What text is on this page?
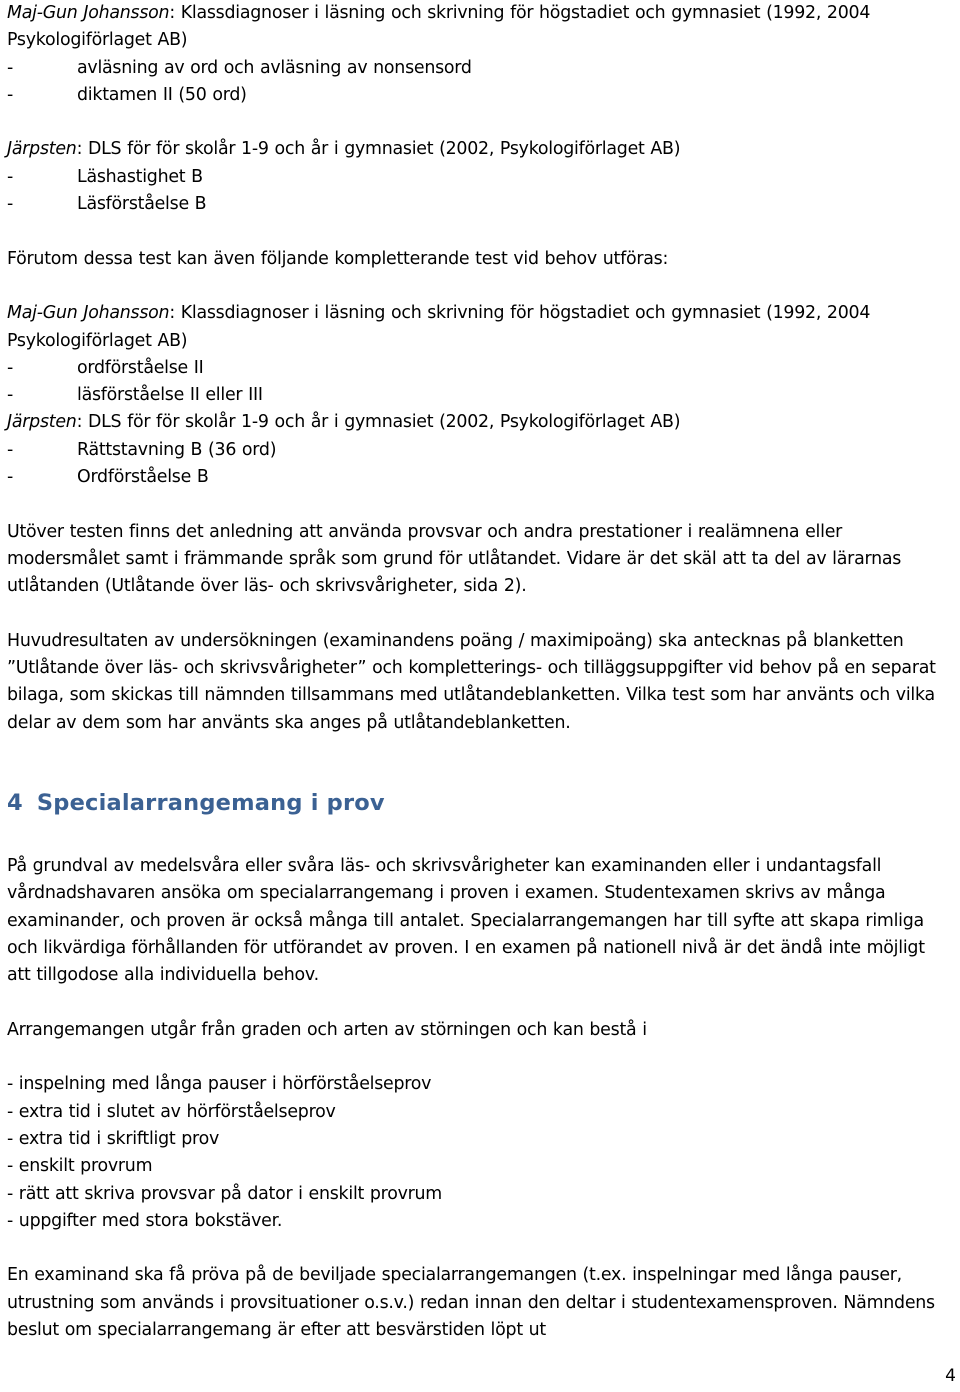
Maj-Gun Johansson: Klassdiagnoser i läsning och skrivning för högstadiet och gymnasiet (1992, 2004 Psykologiförlaget AB)

-	avläsning av ord och avläsning av nonsensord
-	diktamen II (50 ord)

Järpsten: DLS för för skolår 1-9 och år i gymnasiet (2002, Psykologiförlaget AB)

-	Läshastighet B
-	Läsförståelse B

Förutom dessa test kan även följande kompletterande test vid behov utföras:

Maj-Gun Johansson: Klassdiagnoser i läsning och skrivning för högstadiet och gymnasiet (1992, 2004 Psykologiförlaget AB)

-	ordförståelse II
-	läsförståelse II eller III

Järpsten: DLS för för skolår 1-9 och år i gymnasiet (2002, Psykologiförlaget AB)

-	Rättstavning B (36 ord)
-	Ordförståelse B

Utöver testen finns det anledning att använda provsvar och andra prestationer i realämnena eller modersmålet samt i främmande språk som grund för utlåtandet. Vidare är det skäl att ta del av lärarnas utlåtanden (Utlåtande över läs- och skrivsvårigheter, sida 2).

Huvudresultaten av undersökningen (examinandens poäng / maximipoäng) ska antecknas på blanketten ”Utlåtande över läs- och skrivsvårigheter” och kompletterings- och tilläggsuppgifter vid behov på en separat bilaga, som skickas till nämnden tillsammans med utlåtandeblanketten. Vilka test som har använts och vilka delar av dem som har använts ska anges på utlåtandeblanketten.

4 Specialarrangemang i prov

På grundval av medelsvåra eller svåra läs- och skrivsvårigheter kan examinanden eller i undantagsfall vårdnadshavaren ansöka om specialarrangemang i proven i examen. Studentexamen skrivs av många examinander, och proven är också många till antalet. Specialarrangemangen har till syfte att skapa rimliga och likvärdiga förhållanden för utförandet av proven. I en examen på nationell nivå är det ändå inte möjligt att tillgodose alla individuella behov.

Arrangemangen utgår från graden och arten av störningen och kan bestå i

- inspelning med långa pauser i hörförståelseprov

- extra tid i slutet av hörförståelseprov

- extra tid i skriftligt prov

- enskilt provrum

- rätt att skriva provsvar på dator i enskilt provrum

- uppgifter med stora bokstäver.

En examinand ska få pröva på de beviljade specialarrangemangen (t.ex. inspelningar med långa pauser, utrustning som används i provsituationer o.s.v.) redan innan den deltar i studentexamensproven. Nämndens beslut om specialarrangemang är efter att besvärstiden löpt ut

4
